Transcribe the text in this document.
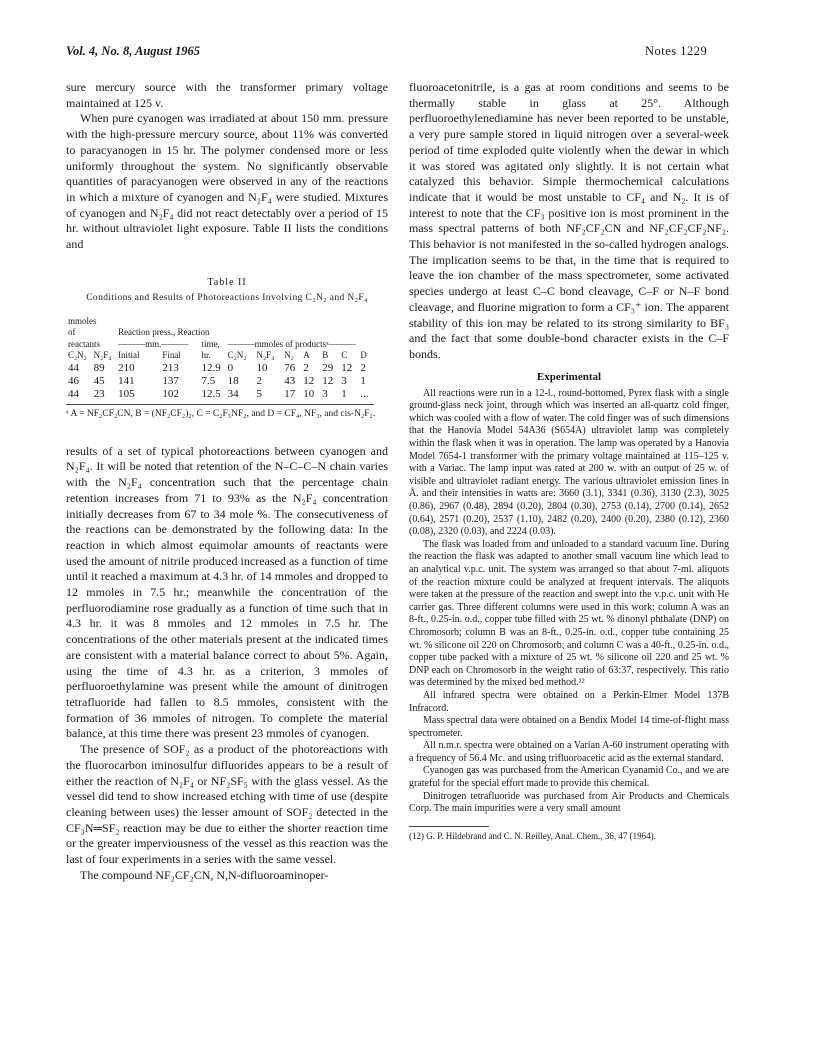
Vol. 4, No. 8, August 1965	Notes 1229

sure mercury source with the transformer primary voltage maintained at 125 v.

When pure cyanogen was irradiated at about 150 mm. pressure with the high-pressure mercury source, about 11% was converted to paracyanogen in 15 hr. The polymer condensed more or less uniformly throughout the system. No significantly observable quantities of paracyanogen were observed in any of the reactions in which a mixture of cyanogen and N₂F₄ were studied. Mixtures of cyanogen and N₂F₄ did not react detectably over a period of 15 hr. without ultraviolet light exposure. Table II lists the conditions and

Table II
Conditions and Results of Photoreactions Involving C₂N₂ and N₂F₄
mmoles											
of		Reaction press., Reaction									
reactants		———mm.———		time,	———mmoles of productsᵃ———						
C₂N₂	N₂F₄	Initial	Final	hr.	C₂N₂	N₂F₄	N₂	A	B	C	D
44	89	210	213	12.9	0	10	76	2	29	12	2
46	45	141	137	7.5	18	2	43	12	12	3	1
44	23	105	102	12.5	34	5	17	10	3	1	...

ᵃ A = NF₂CF₂CN, B = (NF₂CF₂)₂, C = C₂F₅NF₂, and D = CF₄, NF₃, and cis-N₂F₂.

results of a set of typical photoreactions between cyanogen and N₂F₄. It will be noted that retention of the N–C–C–N chain varies with the N₂F₄ concentration such that the percentage chain retention increases from 71 to 93% as the N₂F₄ concentration initially decreases from 67 to 34 mole %. The consecutiveness of the reactions can be demonstrated by the following data: In the reaction in which almost equimolar amounts of reactants were used the amount of nitrile produced increased as a function of time until it reached a maximum at 4.3 hr. of 14 mmoles and dropped to 12 mmoles in 7.5 hr.; meanwhile the concentration of the perfluorodiamine rose gradually as a function of time such that in 4.3 hr. it was 8 mmoles and 12 mmoles in 7.5 hr. The concentrations of the other materials present at the indicated times are consistent with a material balance correct to about 5%. Again, using the time of 4.3 hr. as a criterion, 3 mmoles of perfluoroethylamine was present while the amount of dinitrogen tetrafluoride had fallen to 8.5 mmoles, consistent with the formation of 36 mmoles of nitrogen. To complete the material balance, at this time there was present 23 mmoles of cyanogen.

The presence of SOF₂ as a product of the photoreactions with the fluorocarbon iminosulfur difluorides appears to be a result of either the reaction of N₂F₄ or NF₂SF₅ with the glass vessel. As the vessel did tend to show increased etching with time of use (despite cleaning between uses) the lesser amount of SOF₂ detected in the CF₃N═SF₂ reaction may be due to either the shorter reaction time or the greater imperviousness of the vessel as this reaction was the last of four experiments in a series with the same vessel.

The compound NF₂CF₂CN, N,N-difluoroaminoper-

fluoroacetonitrile, is a gas at room conditions and seems to be thermally stable in glass at 25°. Although perfluoroethylenediamine has never been reported to be unstable, a very pure sample stored in liquid nitrogen over a several-week period of time exploded quite violently when the dewar in which it was stored was agitated only slightly. It is not certain what catalyzed this behavior. Simple thermochemical calculations indicate that it would be most unstable to CF₄ and N₂. It is of interest to note that the CF₃ positive ion is most prominent in the mass spectral patterns of both NF₂CF₂CN and NF₂CF₂CF₂NF₂. This behavior is not manifested in the so-called hydrogen analogs. The implication seems to be that, in the time that is required to leave the ion chamber of the mass spectrometer, some activated species undergo at least C–C bond cleavage, C–F or N–F bond cleavage, and fluorine migration to form a CF₃⁺ ion. The apparent stability of this ion may be related to its strong similarity to BF₃ and the fact that some double-bond character exists in the C–F bonds.

Experimental

All reactions were run in a 12-l., round-bottomed, Pyrex flask with a single ground-glass neck joint, through which was inserted an all-quartz cold finger, which was cooled with a flow of water. The cold finger was of such dimensions that the Hanovia Model 54A36 (S654A) ultraviolet lamp was completely within the flask when it was in operation. The lamp was operated by a Hanovia Model 7654-1 transformer with the primary voltage maintained at 115–125 v. with a Variac. The lamp input was rated at 200 w. with an output of 25 w. of visible and ultraviolet radiant energy. The various ultraviolet emission lines in Å. and their intensities in watts are: 3660 (3.1), 3341 (0.36), 3130 (2.3), 3025 (0.86), 2967 (0.48), 2894 (0.20), 2804 (0.30), 2753 (0.14), 2700 (0.14), 2652 (0.64), 2571 (0.20), 2537 (1.10), 2482 (0.20), 2400 (0.20), 2380 (0.12), 2360 (0.08), 2320 (0.03), and 2224 (0.03).

The flask was loaded from and unloaded to a standard vacuum line. During the reaction the flask was adapted to another small vacuum line which lead to an analytical v.p.c. unit. The system was arranged so that about 7-ml. aliquots of the reaction mixture could be analyzed at frequent intervals. The aliquots were taken at the pressure of the reaction and swept into the v.p.c. unit with He carrier gas. Three different columns were used in this work: column A was an 8-ft., 0.25-in. o.d., copper tube filled with 25 wt. % dinonyl phthalate (DNP) on Chromosorb; column B was an 8-ft., 0.25-in. o.d., copper tube containing 25 wt. % silicone oil 220 on Chromosorb; and column C was a 40-ft., 0.25-in. o.d., copper tube packed with a mixture of 25 wt. % silicone oil 220 and 25 wt. % DNP each on Chromosorb in the weight ratio of 63:37, respectively. This ratio was determined by the mixed bed method.¹²

All infrared spectra were obtained on a Perkin-Elmer Model 137B Infracord.

Mass spectral data were obtained on a Bendix Model 14 time-of-flight mass spectrometer.

All n.m.r. spectra were obtained on a Varian A-60 instrument operating with a frequency of 56.4 Mc. and using trifluoroacetic acid as the external standard.

Cyanogen gas was purchased from the American Cyanamid Co., and we are grateful for the special effort made to provide this chemical.

Dinitrogen tetrafluoride was purchased from Air Products and Chemicals Corp. The main impurities were a very small amount

(12) G. P. Hildebrand and C. N. Reilley, Anal. Chem., 36, 47 (1964).
